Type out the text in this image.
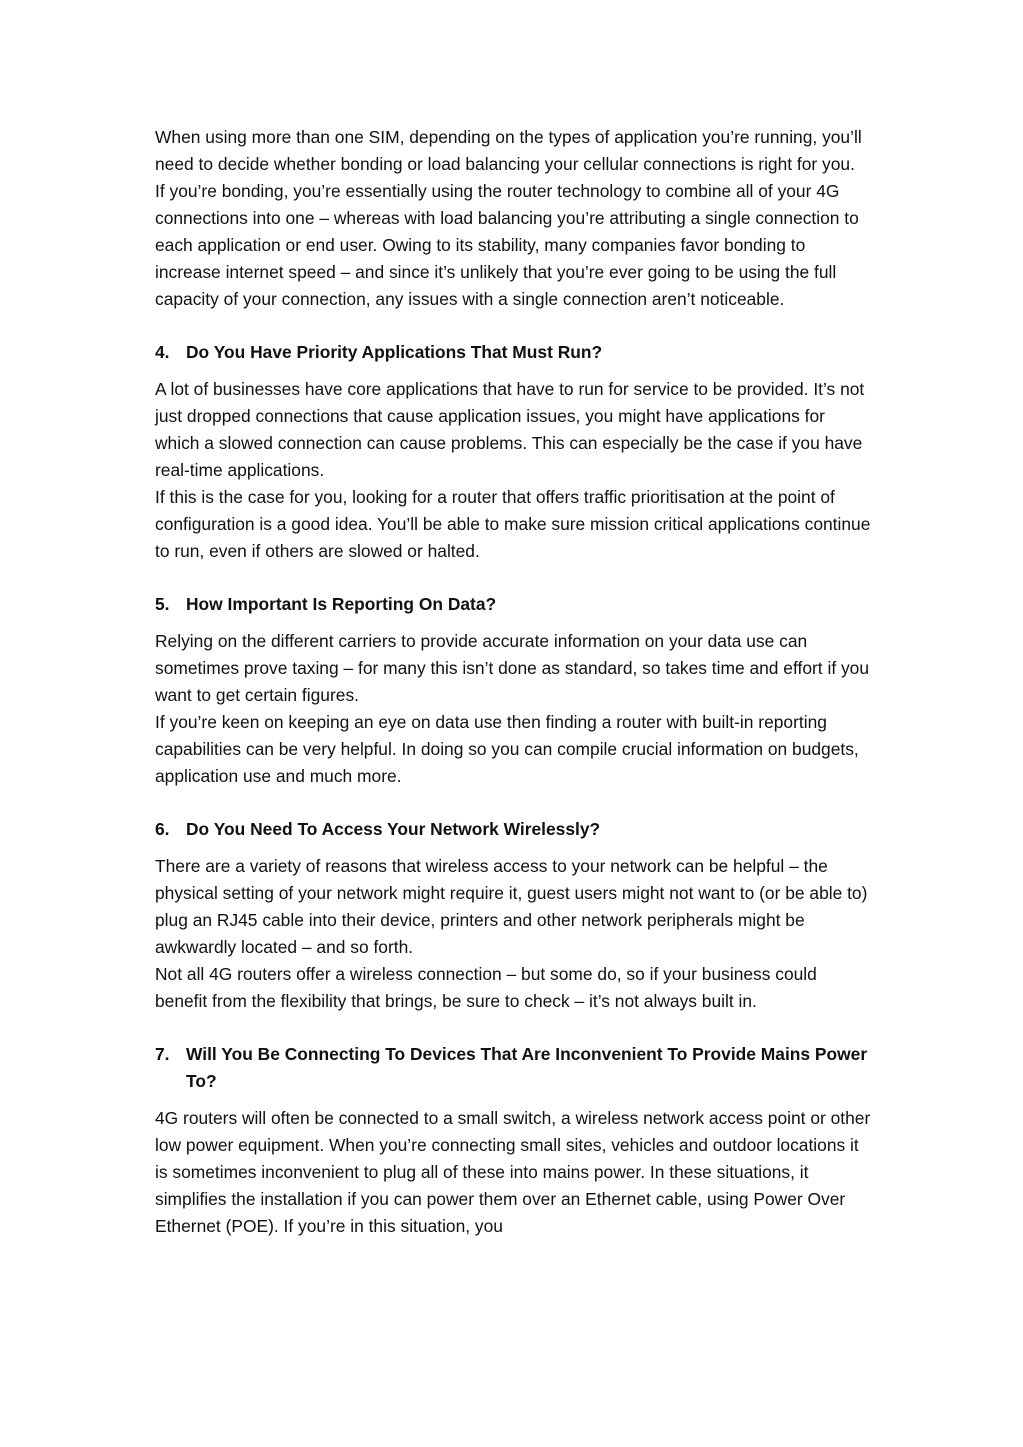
When using more than one SIM, depending on the types of application you’re running, you’ll need to decide whether bonding or load balancing your cellular connections is right for you.

If you’re bonding, you’re essentially using the router technology to combine all of your 4G connections into one – whereas with load balancing you’re attributing a single connection to each application or end user. Owing to its stability, many companies favor bonding to increase internet speed – and since it’s unlikely that you’re ever going to be using the full capacity of your connection, any issues with a single connection aren’t noticeable.

4. Do You Have Priority Applications That Must Run?

A lot of businesses have core applications that have to run for service to be provided. It’s not just dropped connections that cause application issues, you might have applications for which a slowed connection can cause problems. This can especially be the case if you have real-time applications.

If this is the case for you, looking for a router that offers traffic prioritisation at the point of configuration is a good idea. You’ll be able to make sure mission critical applications continue to run, even if others are slowed or halted.

5. How Important Is Reporting On Data?

Relying on the different carriers to provide accurate information on your data use can sometimes prove taxing – for many this isn’t done as standard, so takes time and effort if you want to get certain figures.

If you’re keen on keeping an eye on data use then finding a router with built-in reporting capabilities can be very helpful. In doing so you can compile crucial information on budgets, application use and much more.

6. Do You Need To Access Your Network Wirelessly?

There are a variety of reasons that wireless access to your network can be helpful – the physical setting of your network might require it, guest users might not want to (or be able to) plug an RJ45 cable into their device, printers and other network peripherals might be awkwardly located – and so forth.

Not all 4G routers offer a wireless connection – but some do, so if your business could benefit from the flexibility that brings, be sure to check – it’s not always built in.

7. Will You Be Connecting To Devices That Are Inconvenient To Provide Mains Power To?

4G routers will often be connected to a small switch, a wireless network access point or other low power equipment. When you’re connecting small sites, vehicles and outdoor locations it is sometimes inconvenient to plug all of these into mains power. In these situations, it simplifies the installation if you can power them over an Ethernet cable, using Power Over Ethernet (POE). If you’re in this situation, you
